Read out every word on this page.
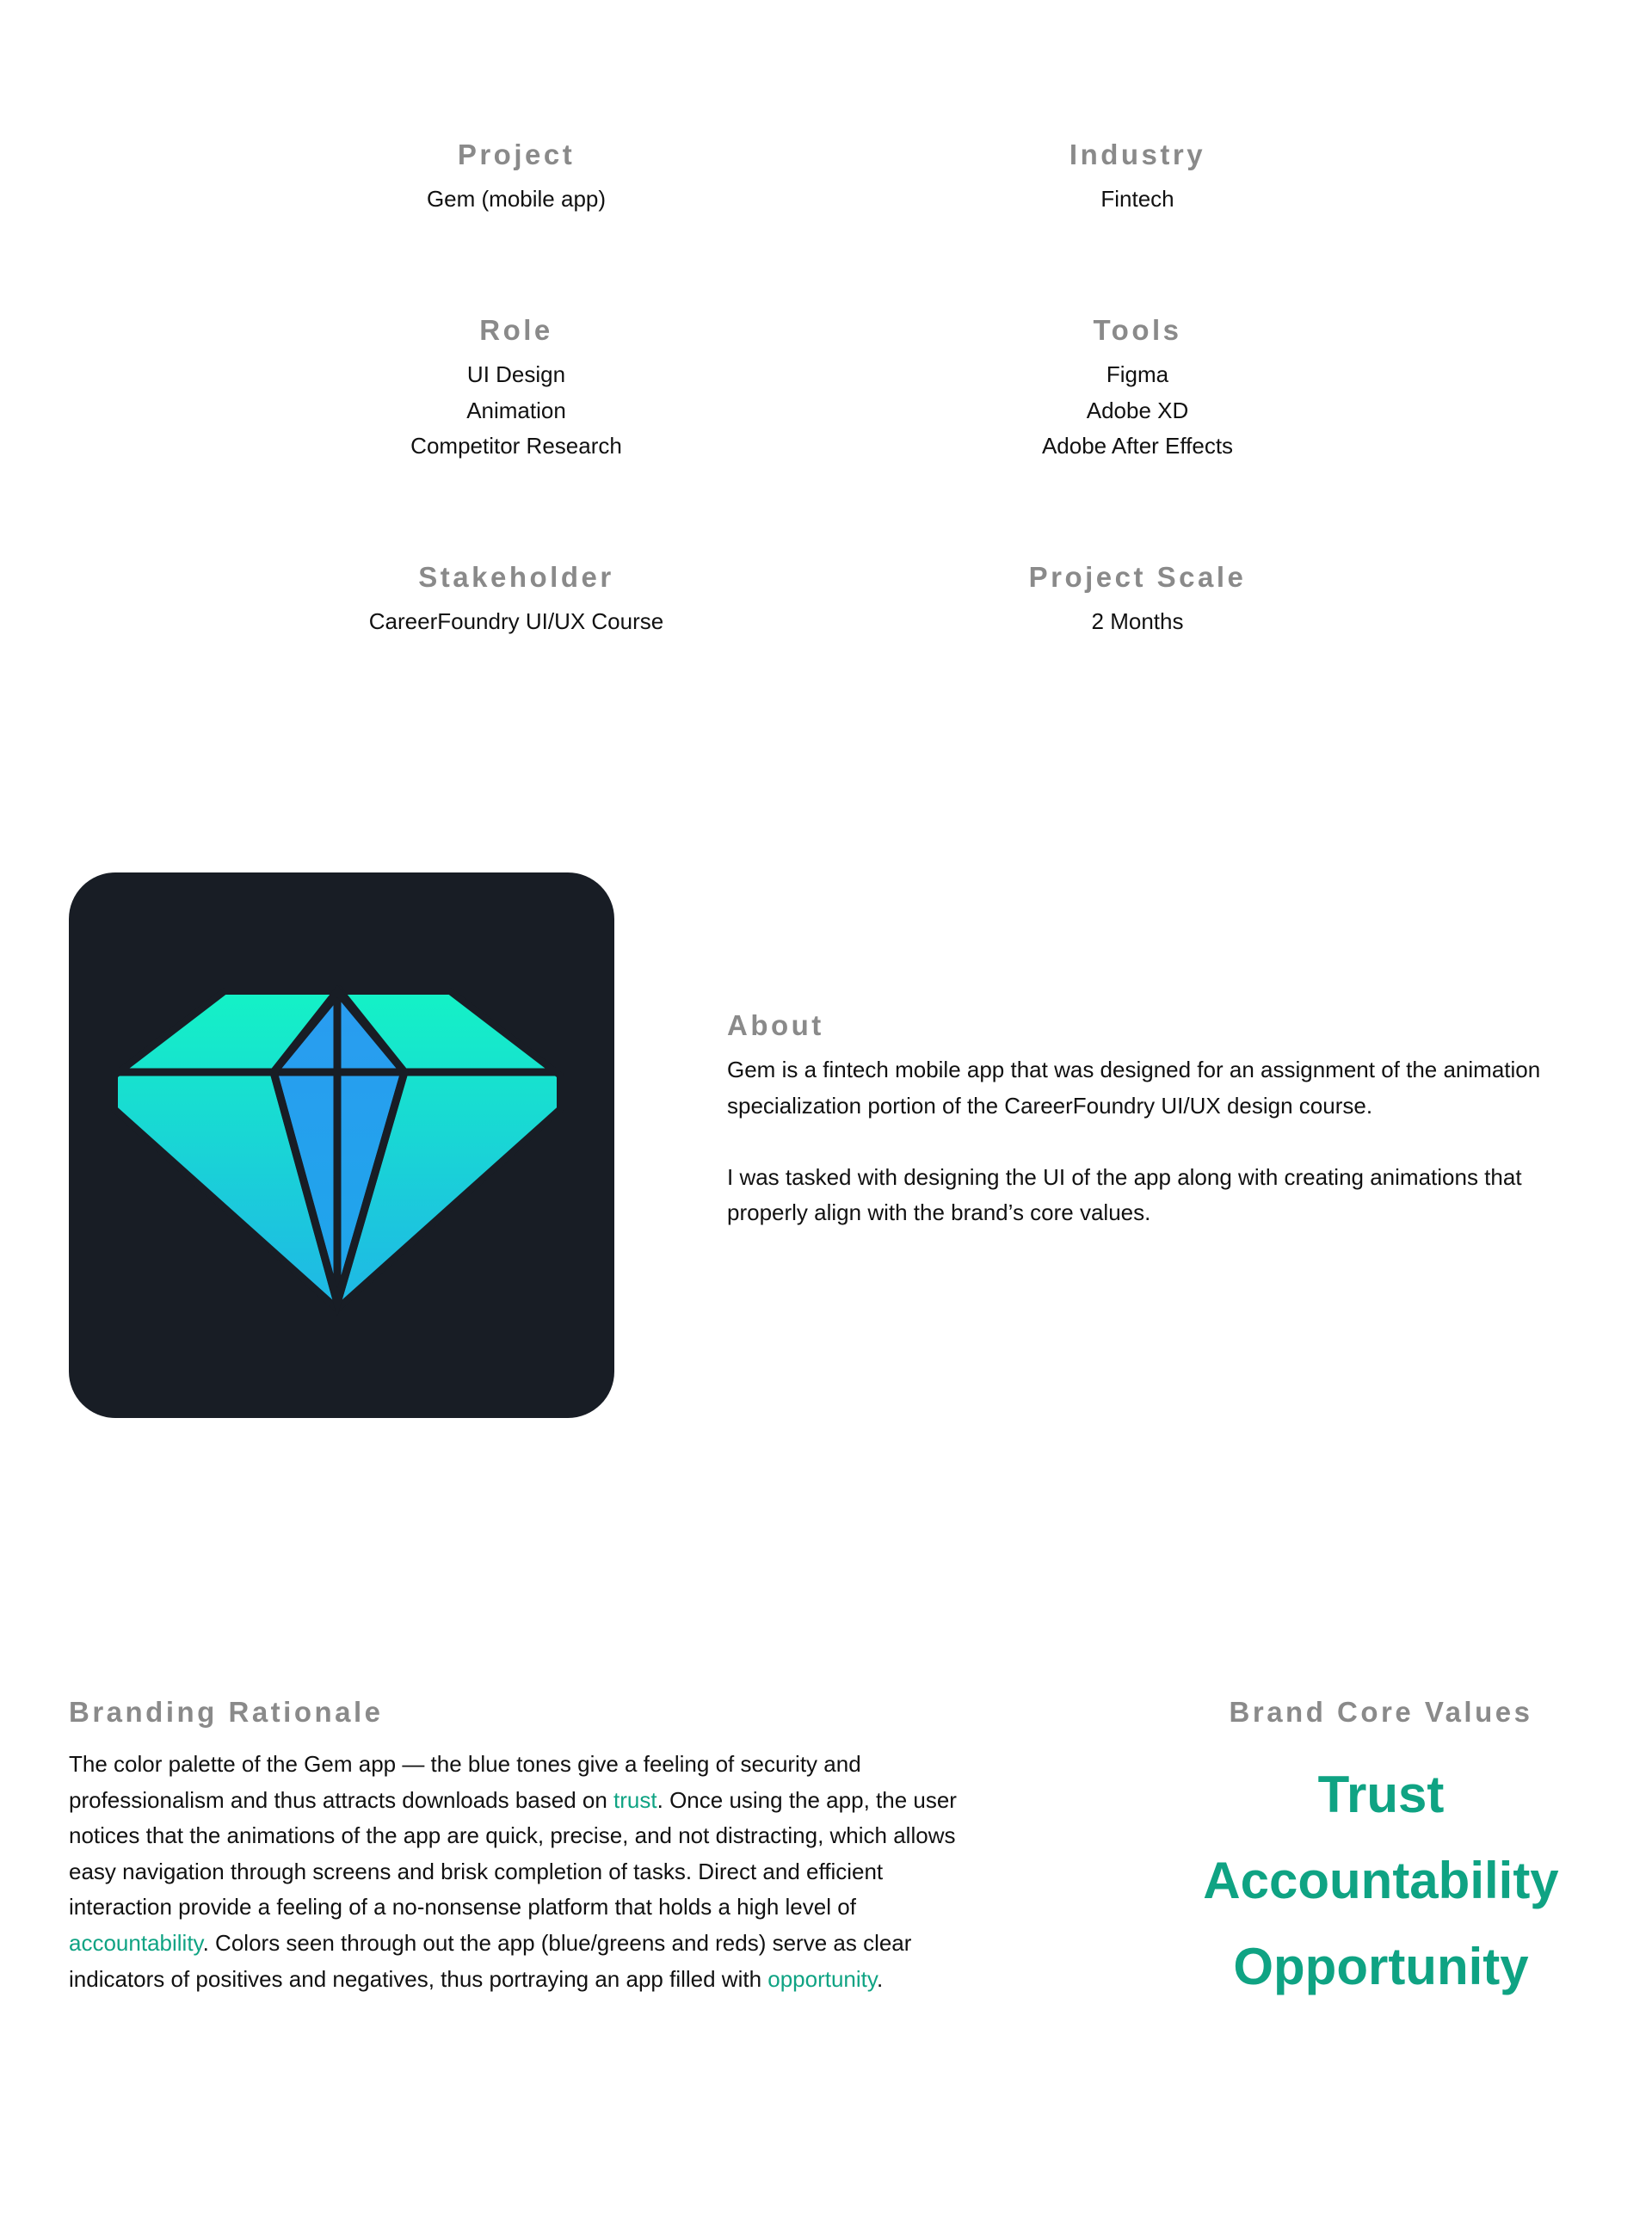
Project
Gem (mobile app)
Industry
Fintech
Role
UI Design
Animation
Competitor Research
Tools
Figma
Adobe XD
Adobe After Effects
Stakeholder
CareerFoundry UI/UX Course
Project Scale
2 Months
About

Gem is a fintech mobile app that was designed for an assignment of the animation specialization portion of the CareerFoundry UI/UX design course.

I was tasked with designing the UI of the app along with creating animations that properly align with the brand’s core values.

Branding Rationale

The color palette of the Gem app — the blue tones give a feeling of security and professionalism and thus attracts downloads based on trust. Once using the app, the user notices that the animations of the app are quick, precise, and not distracting, which allows easy navigation through screens and brisk completion of tasks. Direct and efficient interaction provide a feeling of a no-nonsense platform that holds a high level of accountability. Colors seen through out the app (blue/greens and reds) serve as clear indicators of positives and negatives, thus portraying an app filled with opportunity.

Brand Core Values
Trust
Accountability
Opportunity
